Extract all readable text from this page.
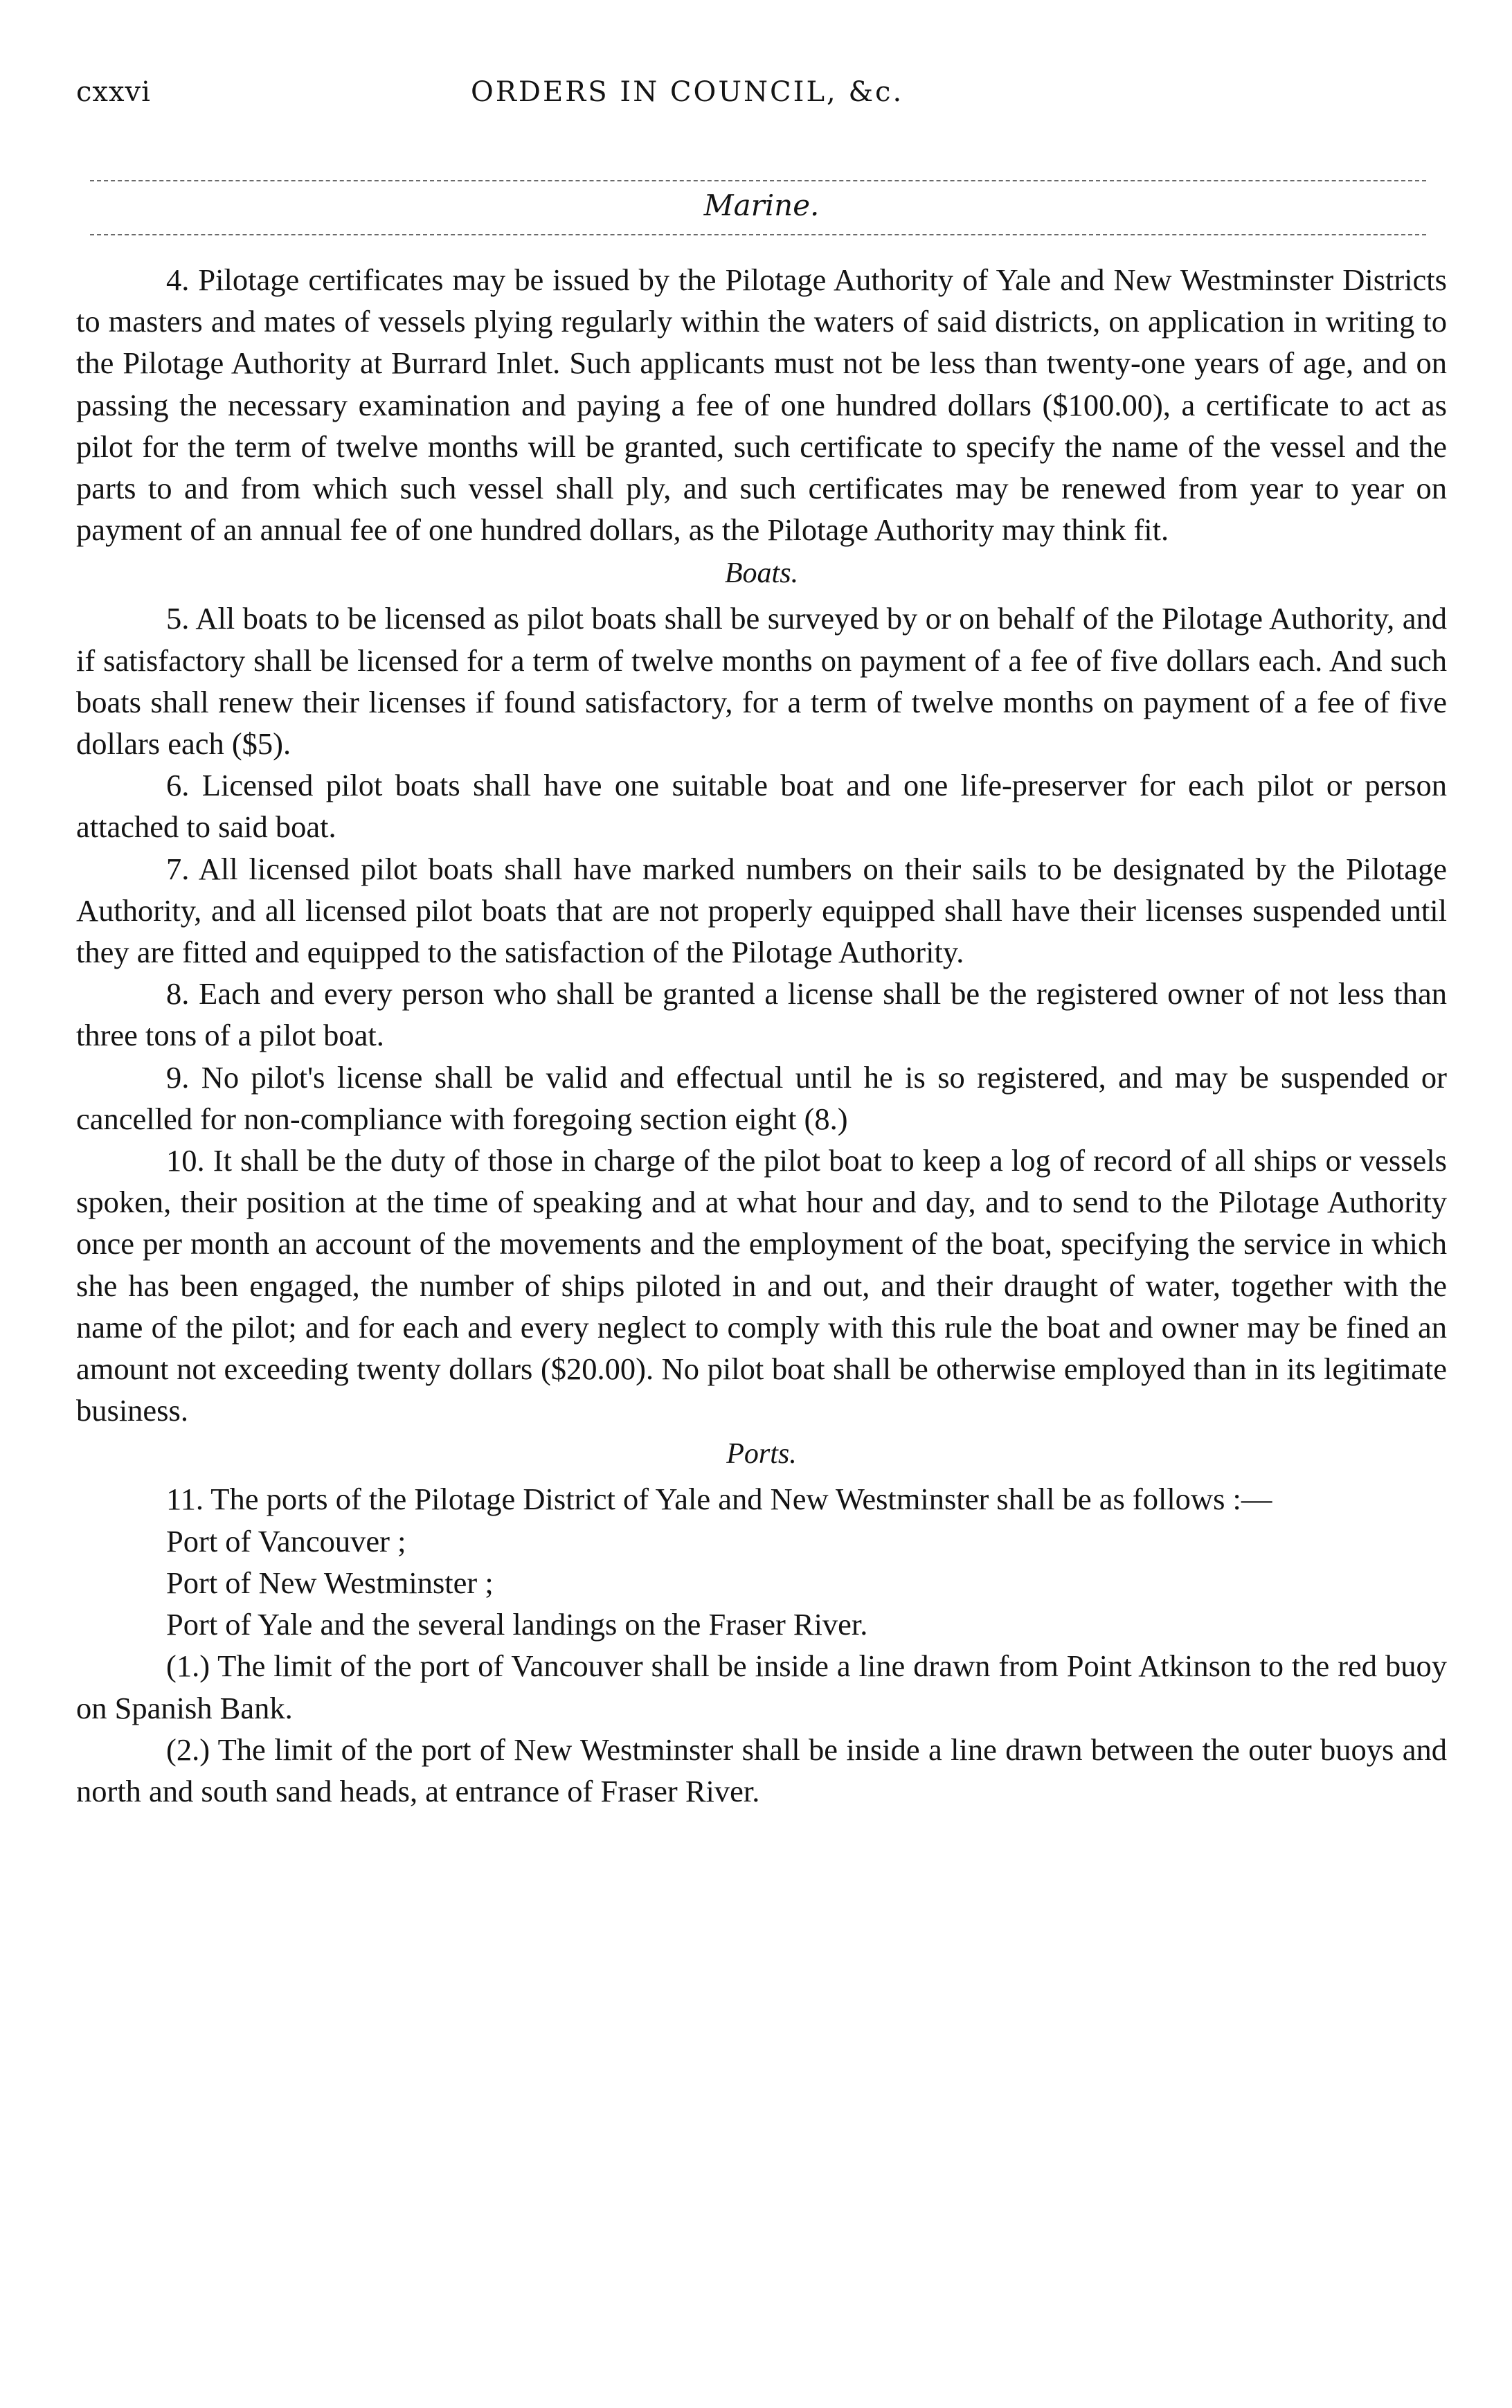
cxxvi	ORDERS IN COUNCIL, &c.
Marine.

4. Pilotage certificates may be issued by the Pilotage Authority of Yale and New Westminster Districts to masters and mates of vessels plying regularly within the waters of said districts, on application in writing to the Pilotage Authority at Burrard Inlet. Such applicants must not be less than twenty-one years of age, and on passing the necessary examination and paying a fee of one hundred dollars ($100.00), a certificate to act as pilot for the term of twelve months will be granted, such certificate to specify the name of the vessel and the parts to and from which such vessel shall ply, and such certificates may be renewed from year to year on payment of an annual fee of one hundred dollars, as the Pilotage Authority may think fit.

Boats.

5. All boats to be licensed as pilot boats shall be surveyed by or on behalf of the Pilotage Authority, and if satisfactory shall be licensed for a term of twelve months on payment of a fee of five dollars each. And such boats shall renew their licenses if found satisfactory, for a term of twelve months on payment of a fee of five dollars each ($5).

6. Licensed pilot boats shall have one suitable boat and one life-preserver for each pilot or person attached to said boat.

7. All licensed pilot boats shall have marked numbers on their sails to be designated by the Pilotage Authority, and all licensed pilot boats that are not properly equipped shall have their licenses suspended until they are fitted and equipped to the satisfaction of the Pilotage Authority.

8. Each and every person who shall be granted a license shall be the registered owner of not less than three tons of a pilot boat.

9. No pilot's license shall be valid and effectual until he is so registered, and may be suspended or cancelled for non-compliance with foregoing section eight (8.)

10. It shall be the duty of those in charge of the pilot boat to keep a log of record of all ships or vessels spoken, their position at the time of speaking and at what hour and day, and to send to the Pilotage Authority once per month an account of the movements and the employment of the boat, specifying the service in which she has been engaged, the number of ships piloted in and out, and their draught of water, together with the name of the pilot; and for each and every neglect to comply with this rule the boat and owner may be fined an amount not exceeding twenty dollars ($20.00). No pilot boat shall be otherwise employed than in its legitimate business.

Ports.

11. The ports of the Pilotage District of Yale and New Westminster shall be as follows :—

Port of Vancouver ;

Port of New Westminster ;

Port of Yale and the several landings on the Fraser River.

(1.) The limit of the port of Vancouver shall be inside a line drawn from Point Atkinson to the red buoy on Spanish Bank.

(2.) The limit of the port of New Westminster shall be inside a line drawn between the outer buoys and north and south sand heads, at entrance of Fraser River.
